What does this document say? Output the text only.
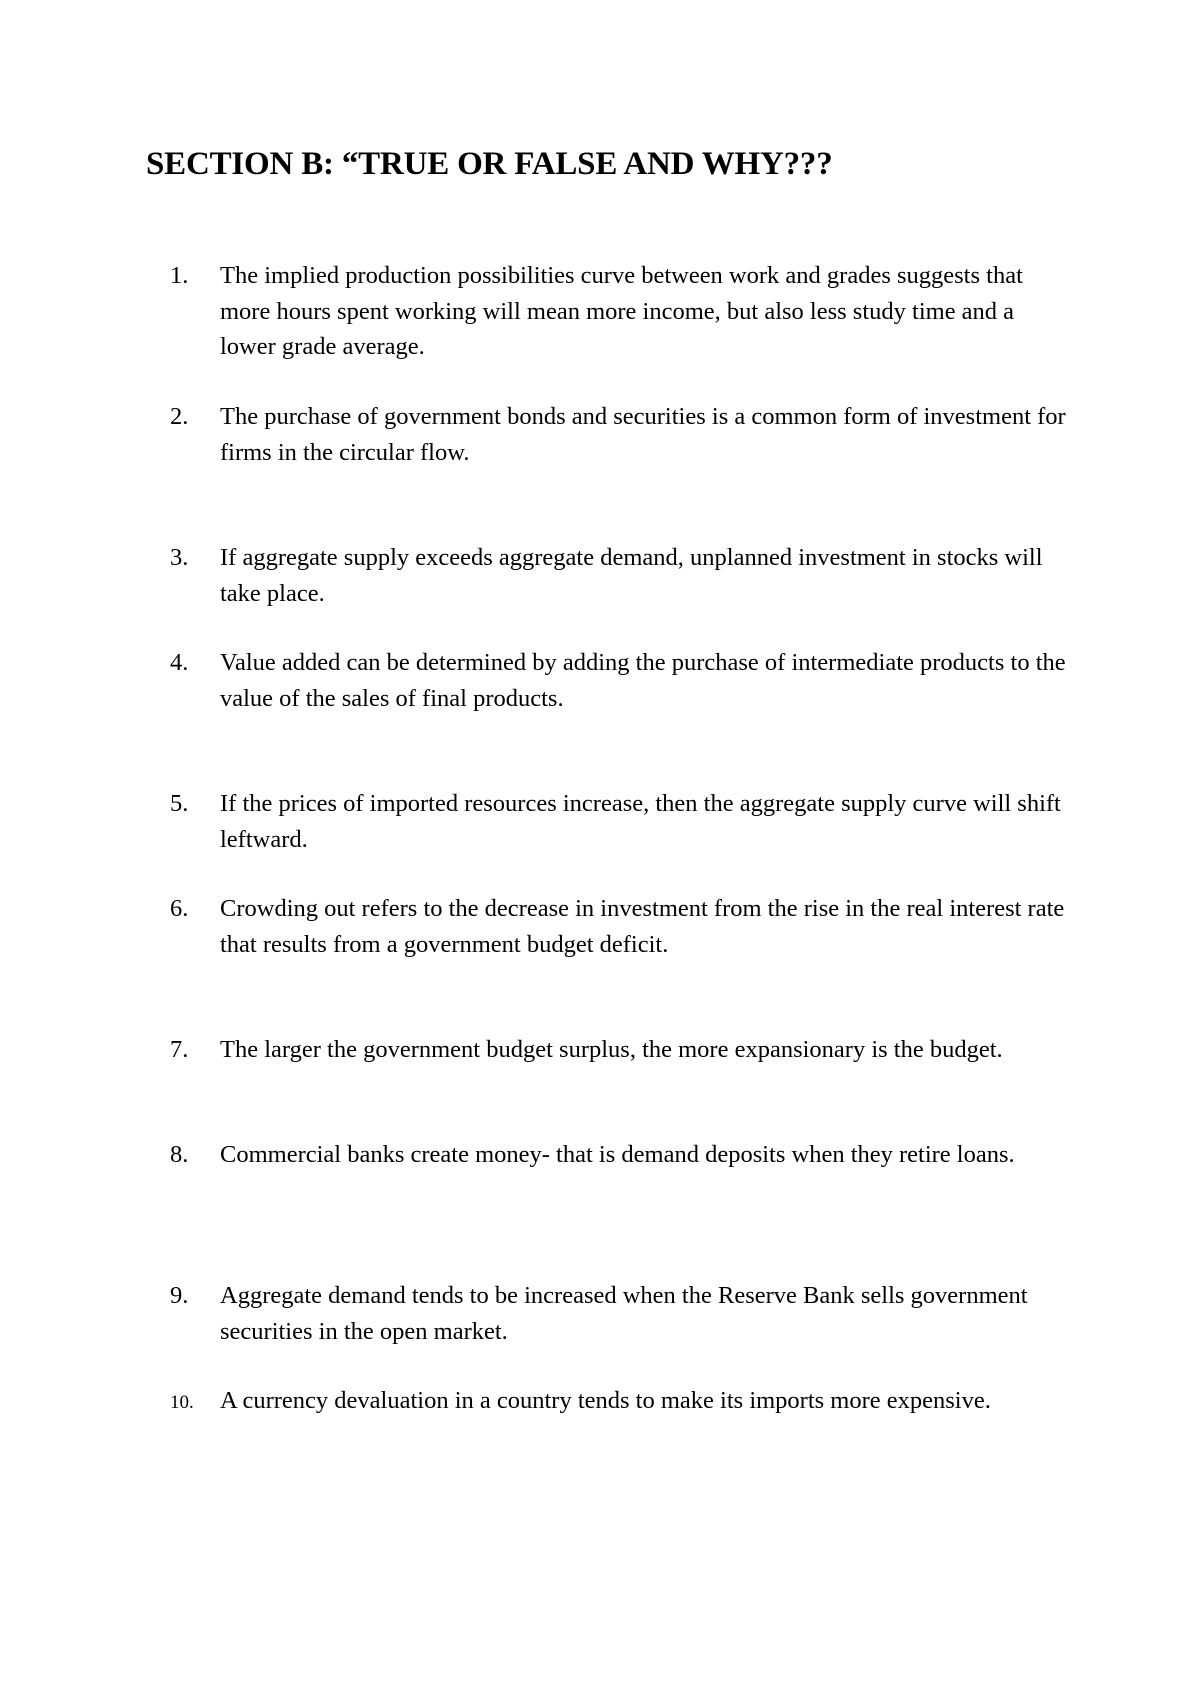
SECTION B: “TRUE OR FALSE AND WHY???
1.	The implied production possibilities curve between work and grades suggests that more hours spent working will mean more income, but also less study time and a lower grade average.
2.	The purchase of government bonds and securities is a common form of investment for firms in the circular flow.
3.	If aggregate supply exceeds aggregate demand, unplanned investment in stocks will take place.
4.	Value added can be determined by adding the purchase of intermediate products to the value of the sales of final products.
5.	If the prices of imported resources increase, then the aggregate supply curve will shift leftward.
6.	Crowding out refers to the decrease in investment from the rise in the real interest rate that results from a government budget deficit.
7.	The larger the government budget surplus, the more expansionary is the budget.
8.	Commercial banks create money- that is demand deposits when they retire loans.
9.	Aggregate demand tends to be increased when the Reserve Bank sells government securities in the open market.
10.	A currency devaluation in a country tends to make its imports more expensive.
